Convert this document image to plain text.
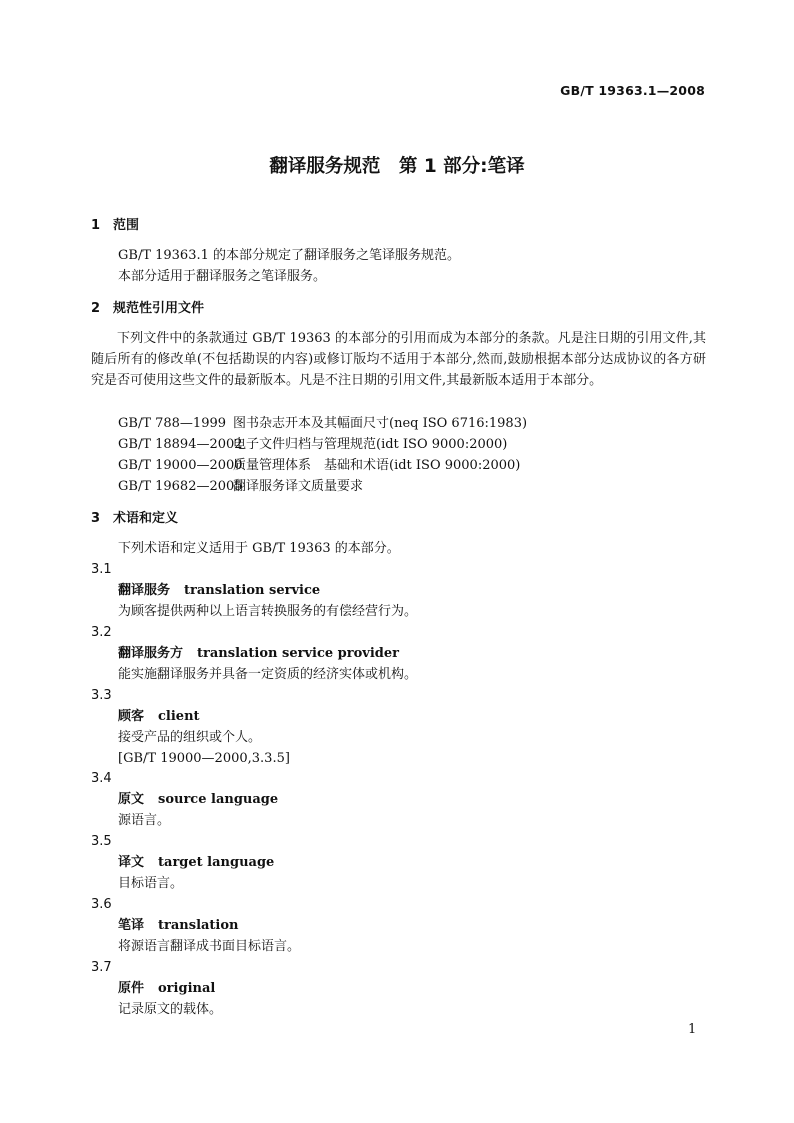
GB/T 19363.1—2008
翻译服务规范　第 1 部分:笔译
1 范围
GB/T 19363.1 的本部分规定了翻译服务之笔译服务规范。
本部分适用于翻译服务之笔译服务。
2 规范性引用文件
下列文件中的条款通过 GB/T 19363 的本部分的引用而成为本部分的条款。凡是注日期的引用文件,其随后所有的修改单(不包括勘误的内容)或修订版均不适用于本部分,然而,鼓励根据本部分达成协议的各方研究是否可使用这些文件的最新版本。凡是不注日期的引用文件,其最新版本适用于本部分。
GB/T 788—1999 图书杂志开本及其幅面尺寸(neq ISO 6716:1983)
GB/T 18894—2002电子文件归档与管理规范(idt ISO 9000:2000)
GB/T 19000—2000质量管理体系　基础和术语(idt ISO 9000:2000)
GB/T 19682—2005翻译服务译文质量要求
3 术语和定义
下列术语和定义适用于 GB/T 19363 的本部分。
3.1
翻译服务 translation service
为顾客提供两种以上语言转换服务的有偿经营行为。
3.2
翻译服务方 translation service provider
能实施翻译服务并具备一定资质的经济实体或机构。
3.3
顾客 client
接受产品的组织或个人。
[GB/T 19000—2000,3.3.5]
3.4
原文 source language
源语言。
3.5
译文 target language
目标语言。
3.6
笔译 translation
将源语言翻译成书面目标语言。
3.7
原件 original
记录原文的载体。
1
